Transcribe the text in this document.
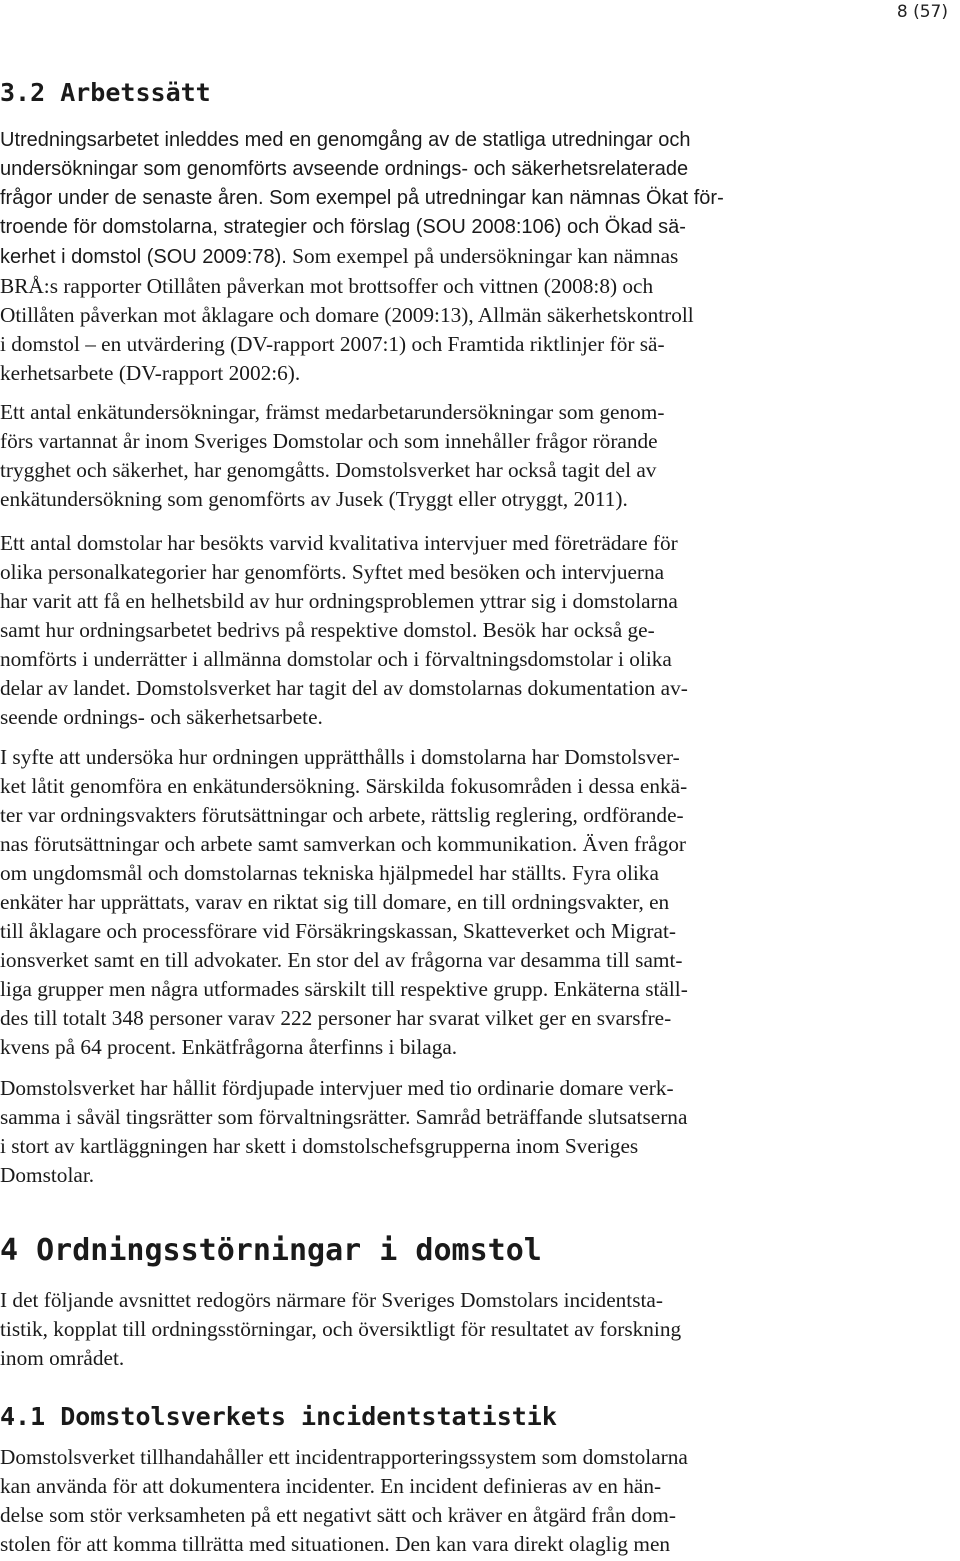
8 (57)
3.2 Arbetssätt

Utredningsarbetet inleddes med en genomgång av de statliga utredningar och
undersökningar som genomförts avseende ordnings- och säkerhetsrelaterade
frågor under de senaste åren. Som exempel på utredningar kan nämnas Ökat för-
troende för domstolarna, strategier och förslag (SOU 2008:106) och Ökad sä-
kerhet i domstol (SOU 2009:78). Som exempel på undersökningar kan nämnas
BRÅ:s rapporter Otillåten påverkan mot brottsoffer och vittnen (2008:8) och
Otillåten påverkan mot åklagare och domare (2009:13), Allmän säkerhetskontroll
i domstol – en utvärdering (DV-rapport 2007:1) och Framtida riktlinjer för sä-
kerhetsarbete (DV-rapport 2002:6).

Ett antal enkätundersökningar, främst medarbetarundersökningar som genom-
förs vartannat år inom Sveriges Domstolar och som innehåller frågor rörande
trygghet och säkerhet, har genomgåtts. Domstolsverket har också tagit del av
enkätundersökning som genomförts av Jusek (Tryggt eller otryggt, 2011).

Ett antal domstolar har besökts varvid kvalitativa intervjuer med företrädare för
olika personalkategorier har genomförts. Syftet med besöken och intervjuerna
har varit att få en helhetsbild av hur ordningsproblemen yttrar sig i domstolarna
samt hur ordningsarbetet bedrivs på respektive domstol. Besök har också ge-
nomförts i underrätter i allmänna domstolar och i förvaltningsdomstolar i olika
delar av landet. Domstolsverket har tagit del av domstolarnas dokumentation av-
seende ordnings- och säkerhetsarbete.

I syfte att undersöka hur ordningen upprätthålls i domstolarna har Domstolsver-
ket låtit genomföra en enkätundersökning. Särskilda fokusområden i dessa enkä-
ter var ordningsvakters förutsättningar och arbete, rättslig reglering, ordförande-
nas förutsättningar och arbete samt samverkan och kommunikation. Även frågor
om ungdomsmål och domstolarnas tekniska hjälpmedel har ställts. Fyra olika
enkäter har upprättats, varav en riktat sig till domare, en till ordningsvakter, en
till åklagare och processförare vid Försäkringskassan, Skatteverket och Migrat-
ionsverket samt en till advokater. En stor del av frågorna var desamma till samt-
liga grupper men några utformades särskilt till respektive grupp. Enkäterna ställ-
des till totalt 348 personer varav 222 personer har svarat vilket ger en svarsfre-
kvens på 64 procent. Enkätfrågorna återfinns i bilaga.

Domstolsverket har hållit fördjupade intervjuer med tio ordinarie domare verk-
samma i såväl tingsrätter som förvaltningsrätter. Samråd beträffande slutsatserna
i stort av kartläggningen har skett i domstolschefsgrupperna inom Sveriges
Domstolar.

4 Ordningsstörningar i domstol

I det följande avsnittet redogörs närmare för Sveriges Domstolars incidentsta-
tistik, kopplat till ordningsstörningar, och översiktligt för resultatet av forskning
inom området.

4.1 Domstolsverkets incidentstatistik

Domstolsverket tillhandahåller ett incidentrapporteringssystem som domstolarna
kan använda för att dokumentera incidenter. En incident definieras av en hän-
delse som stör verksamheten på ett negativt sätt och kräver en åtgärd från dom-
stolen för att komma tillrätta med situationen. Den kan vara direkt olaglig men
